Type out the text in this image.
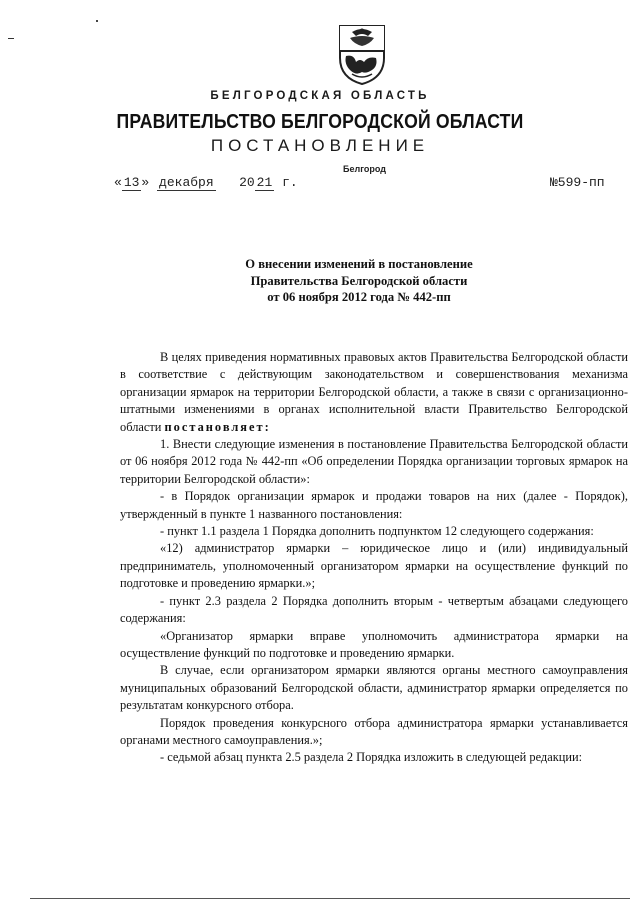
БЕЛГОРОДСКАЯ ОБЛАСТЬ
ПРАВИТЕЛЬСТВО БЕЛГОРОДСКОЙ ОБЛАСТИ
ПОСТАНОВЛЕНИЕ
Белгород
« 13 » декабря 20 21 г.	№599-пп
О внесении изменений в постановление
Правительства Белгородской области
от 06 ноября 2012 года № 442-пп

В целях приведения нормативных правовых актов Правительства Белгородской области в соответствие с действующим законодательством и совершенствования механизма организации ярмарок на территории Белгородской области, а также в связи с организационно-штатными изменениями в органах исполнительной власти Правительство Белгородской области постановляет:

1. Внести следующие изменения в постановление Правительства Белгородской области от 06 ноября 2012 года № 442-пп «Об определении Порядка организации торговых ярмарок на территории Белгородской области»:

- в Порядок организации ярмарок и продажи товаров на них (далее - Порядок), утвержденный в пункте 1 названного постановления:

- пункт 1.1 раздела 1 Порядка дополнить подпунктом 12 следующего содержания:

«12) администратор ярмарки – юридическое лицо и (или) индивидуальный предприниматель, уполномоченный организатором ярмарки на осуществление функций по подготовке и проведению ярмарки.»;

- пункт 2.3 раздела 2 Порядка дополнить вторым - четвертым абзацами следующего содержания:

«Организатор ярмарки вправе уполномочить администратора ярмарки на осуществление функций по подготовке и проведению ярмарки.

В случае, если организатором ярмарки являются органы местного самоуправления муниципальных образований Белгородской области, администратор ярмарки определяется по результатам конкурсного отбора.

Порядок проведения конкурсного отбора администратора ярмарки устанавливается органами местного самоуправления.»;

- седьмой абзац пункта 2.5 раздела 2 Порядка изложить в следующей редакции:
